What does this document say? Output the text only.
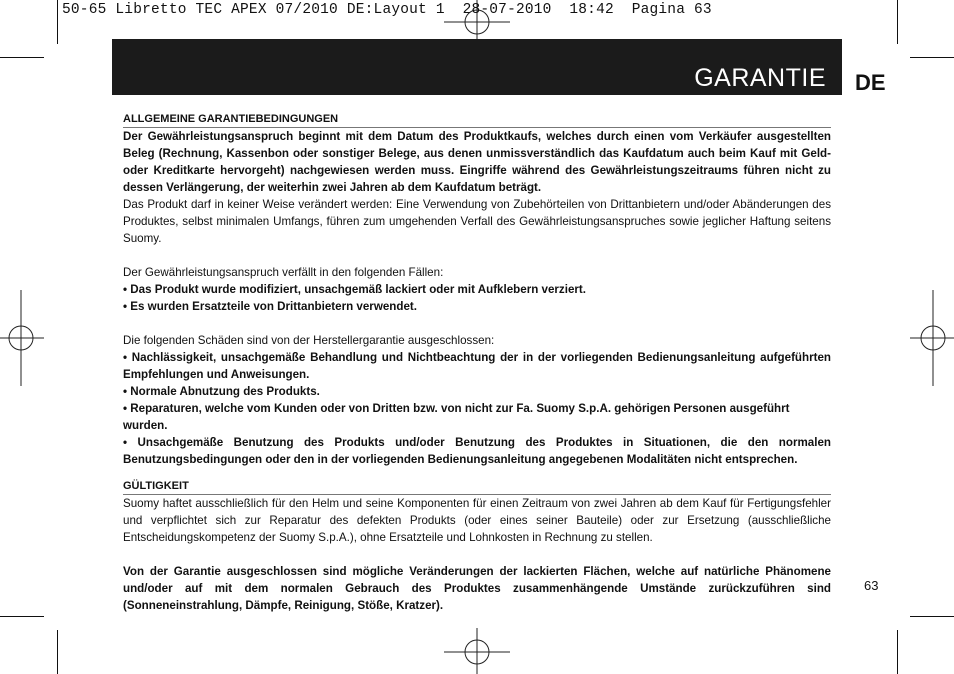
50-65 Libretto TEC APEX 07/2010 DE:Layout 1  28-07-2010  18:42  Pagina 63
GARANTIE DE

ALLGEMEINE GARANTIEBEDINGUNGEN

Der Gewährleistungsanspruch beginnt mit dem Datum des Produktkaufs, welches durch einen vom Verkäufer ausgestellten Beleg (Rechnung, Kassenbon oder sonstiger Belege, aus denen unmissverständlich das Kaufdatum auch beim Kauf mit Geld- oder Kreditkarte hervorgeht) nachgewiesen werden muss. Eingriffe während des Gewährleistungszeitraums führen nicht zu dessen Verlängerung, der weiterhin zwei Jahren ab dem Kaufdatum beträgt.

Das Produkt darf in keiner Weise verändert werden: Eine Verwendung von Zubehörteilen von Drittanbietern und/oder Abänderungen des Produktes, selbst minimalen Umfangs, führen zum umgehenden Verfall des Gewährleistungsanspruches sowie jeglicher Haftung seitens Suomy.

Der Gewährleistungsanspruch verfällt in den folgenden Fällen:

• Das Produkt wurde modifiziert, unsachgemäß lackiert oder mit Aufklebern verziert.

• Es wurden Ersatzteile von Drittanbietern verwendet.

Die folgenden Schäden sind von der Herstellergarantie ausgeschlossen:

• Nachlässigkeit, unsachgemäße Behandlung und Nichtbeachtung der in der vorliegenden Bedienungsanleitung aufgeführten Empfehlungen und Anweisungen.

• Normale Abnutzung des Produkts.

• Reparaturen, welche vom Kunden oder von Dritten bzw. von nicht zur Fa. Suomy S.p.A. gehörigen Personen ausgeführt wurden.

• Unsachgemäße Benutzung des Produkts und/oder Benutzung des Produktes in Situationen, die den normalen Benutzungsbedingungen oder den in der vorliegenden Bedienungsanleitung angegebenen Modalitäten nicht entsprechen.

GÜLTIGKEIT

Suomy haftet ausschließlich für den Helm und seine Komponenten für einen Zeitraum von zwei Jahren ab dem Kauf für Fertigungsfehler und verpflichtet sich zur Reparatur des defekten Produkts (oder eines seiner Bauteile) oder zur Ersetzung (ausschließliche Entscheidungskompetenz der Suomy S.p.A.), ohne Ersatzteile und Lohnkosten in Rechnung zu stellen.

Von der Garantie ausgeschlossen sind mögliche Veränderungen der lackierten Flächen, welche auf natürliche Phänomene und/oder auf mit dem normalen Gebrauch des Produktes zusammenhängende Umstände zurückzuführen sind (Sonneneinstrahlung, Dämpfe, Reinigung, Stöße, Kratzer).

63
